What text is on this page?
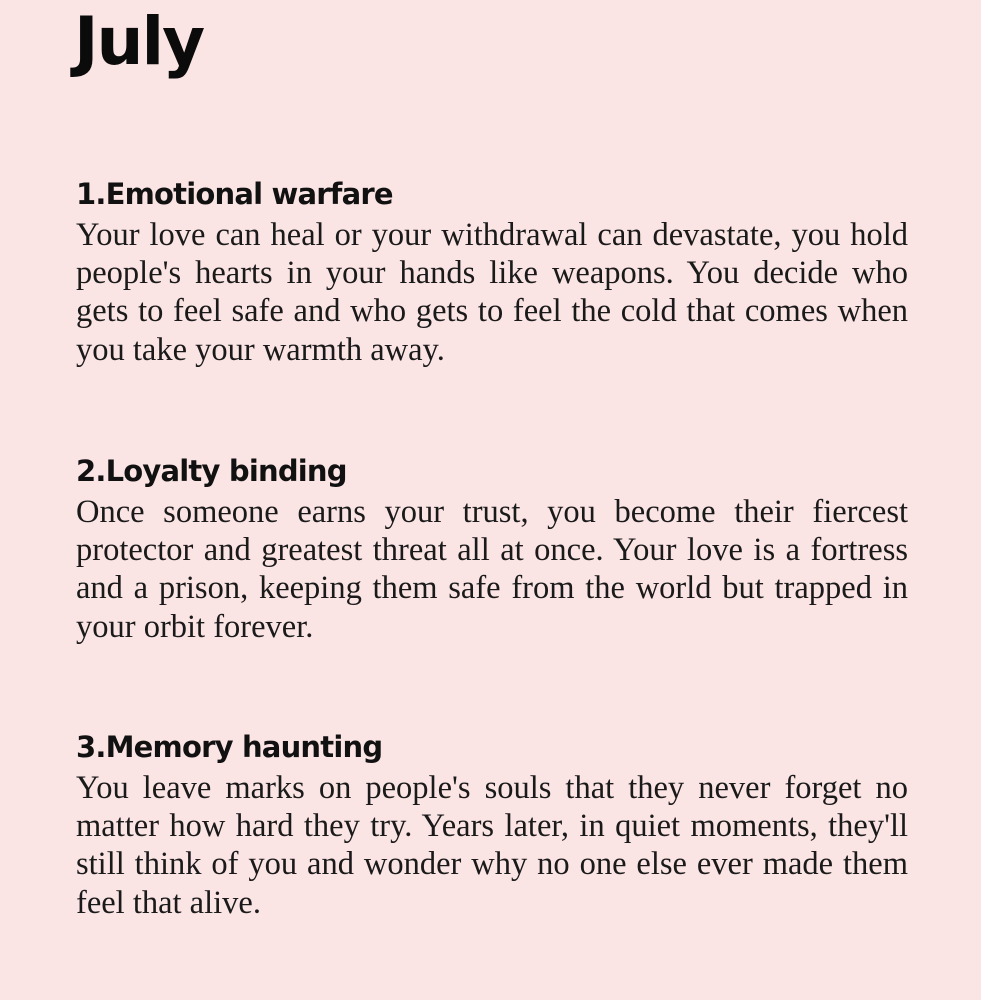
July
1.Emotional warfare

Your love can heal or your withdrawal can devastate, you hold people's hearts in your hands like weapons. You decide who gets to feel safe and who gets to feel the cold that comes when you take your warmth away.

2.Loyalty binding

Once someone earns your trust, you become their fiercest protector and greatest threat all at once. Your love is a fortress and a prison, keeping them safe from the world but trapped in your orbit forever.

3.Memory haunting

You leave marks on people's souls that they never forget no matter how hard they try. Years later, in quiet moments, they'll still think of you and wonder why no one else ever made them feel that alive.
